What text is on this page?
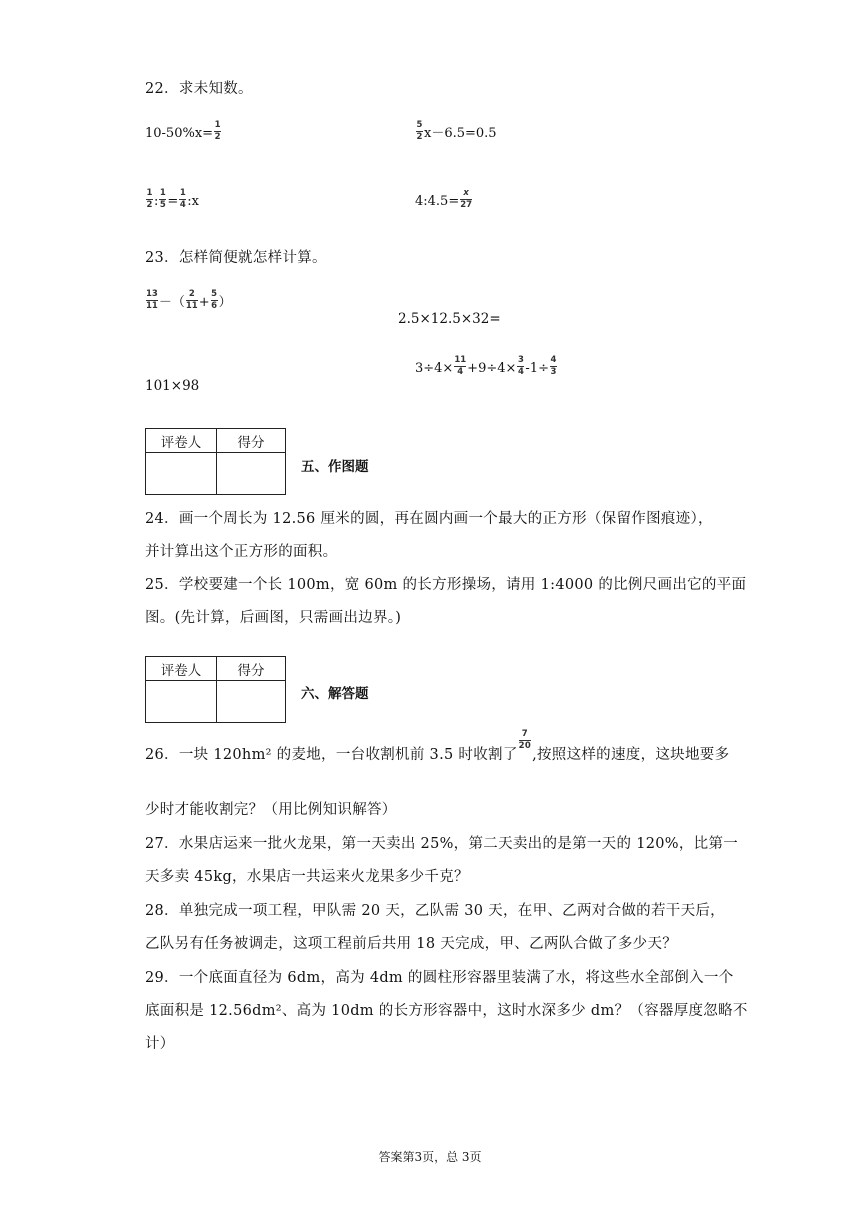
22．求未知数。
$10-50\%x= \frac{1}{2}$	$\frac{5}{2} x-6.5=0.5$
$\frac{1}{2}$ : $\frac{1}{5} = \frac{1}{4}$ :x	4:4.5= $\frac{x}{27}$
23．怎样简便就怎样计算。
$\frac{13}{11}$ －（ $\frac{2}{11} + \frac{5}{6}$ ）
2.5×12.5×32=
101×98
$3\div 4\times \frac{11}{4} +9\div 4\times \frac{3}{4} -1\div \frac{4}{3}$
评卷人	得分

五、作图题
24．画一个周长为 12.56 厘米的圆，再在圆内画一个最大的正方形（保留作图痕迹），
并计算出这个正方形的面积。
25．学校要建一个长 100m，宽 60m 的长方形操场，请用 1:4000 的比例尺画出它的平面
图。(先计算，后画图，只需画出边界。)
评卷人	得分

六、解答题
26．一块 120hm² 的麦地，一台收割机前 3.5 时收割了
$\frac{7}{20}$
,按照这样的速度，这块地要多
少时才能收割完？（用比例知识解答）
27．水果店运来一批火龙果，第一天卖出 25%，第二天卖出的是第一天的 120%，比第一
天多卖 45kg，水果店一共运来火龙果多少千克？
28．单独完成一项工程，甲队需 20 天，乙队需 30 天，在甲、乙两对合做的若干天后，
乙队另有任务被调走，这项工程前后共用 18 天完成，甲、乙两队合做了多少天？
29．一个底面直径为 6dm，高为 4dm 的圆柱形容器里装满了水，将这些水全部倒入一个
底面积是 12.56dm²、高为 10dm 的长方形容器中，这时水深多少 dm？（容器厚度忽略不
计）
答案第3页，总 3页
